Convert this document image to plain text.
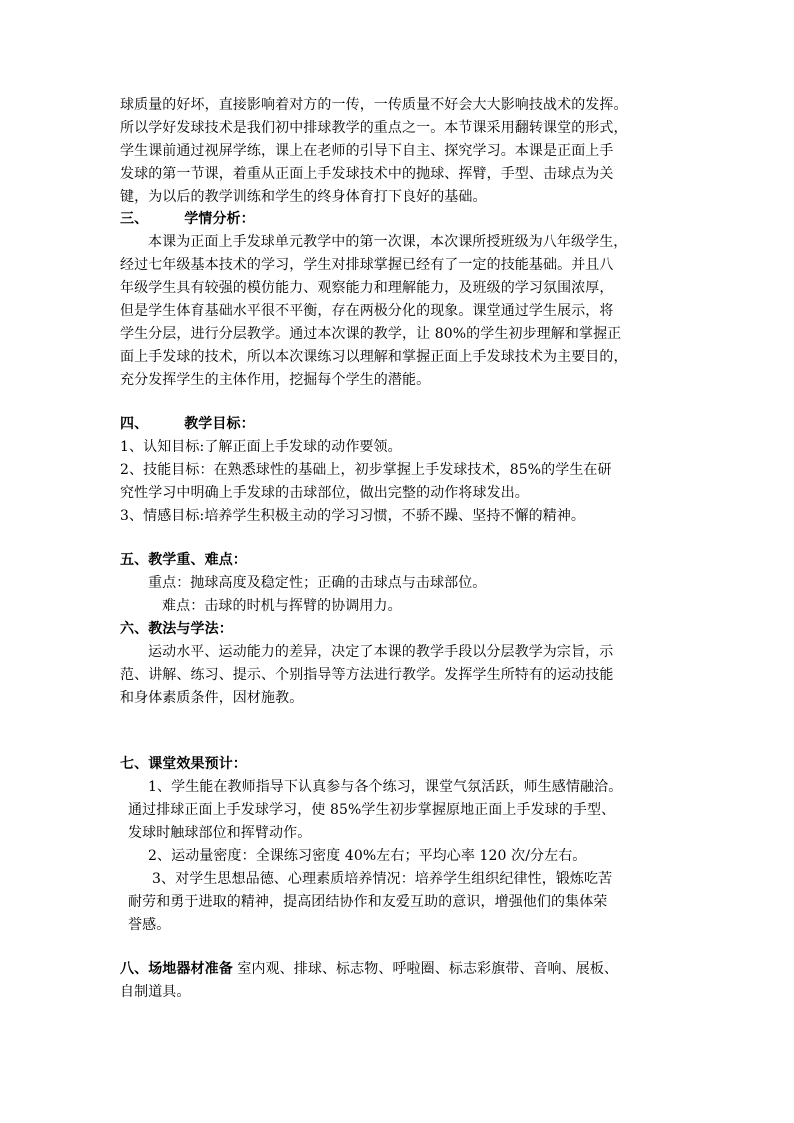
球质量的好坏，直接影响着对方的一传，一传质量不好会大大影响技战术的发挥。
所以学好发球技术是我们初中排球教学的重点之一。本节课采用翻转课堂的形式，
学生课前通过视屏学练，课上在老师的引导下自主、探究学习。本课是正面上手
发球的第一节课，着重从正面上手发球技术中的抛球、挥臂，手型、击球点为关
键，为以后的教学训练和学生的终身体育打下良好的基础。
三、	学情分析：
本课为正面上手发球单元教学中的第一次课，本次课所授班级为八年级学生，
经过七年级基本技术的学习，学生对排球掌握已经有了一定的技能基础。并且八
年级学生具有较强的模仿能力、观察能力和理解能力，及班级的学习氛围浓厚，
但是学生体育基础水平很不平衡，存在两极分化的现象。课堂通过学生展示，将
学生分层，进行分层教学。通过本次课的教学，让 80%的学生初步理解和掌握正
面上手发球的技术，所以本次课练习以理解和掌握正面上手发球技术为主要目的，
充分发挥学生的主体作用，挖掘每个学生的潜能。
四、	教学目标：
1、认知目标:了解正面上手发球的动作要领。
2、技能目标：在熟悉球性的基础上，初步掌握上手发球技术，85%的学生在研
究性学习中明确上手发球的击球部位，做出完整的动作将球发出。
3、情感目标:培养学生积极主动的学习习惯，不骄不躁、坚持不懈的精神。
五、教学重、难点：
重点：抛球高度及稳定性；正确的击球点与击球部位。
难点：击球的时机与挥臂的协调用力。
六、教法与学法：
运动水平、运动能力的差异，决定了本课的教学手段以分层教学为宗旨，示
范、讲解、练习、提示、个别指导等方法进行教学。发挥学生所特有的运动技能
和身体素质条件，因材施教。
七、课堂效果预计：
1、学生能在教师指导下认真参与各个练习，课堂气氛活跃，师生感情融洽。
通过排球正面上手发球学习，使 85%学生初步掌握原地正面上手发球的手型、
发球时触球部位和挥臂动作。
2、运动量密度：全课练习密度 40%左右；平均心率 120 次/分左右。
3、对学生思想品德、心理素质培养情况：培养学生组织纪律性，锻炼吃苦
耐劳和勇于进取的精神，提高团结协作和友爱互助的意识，增强他们的集体荣
誉感。
八、场地器材准备 室内观、排球、标志物、呼啦圈、标志彩旗带、音响、展板、
自制道具。
